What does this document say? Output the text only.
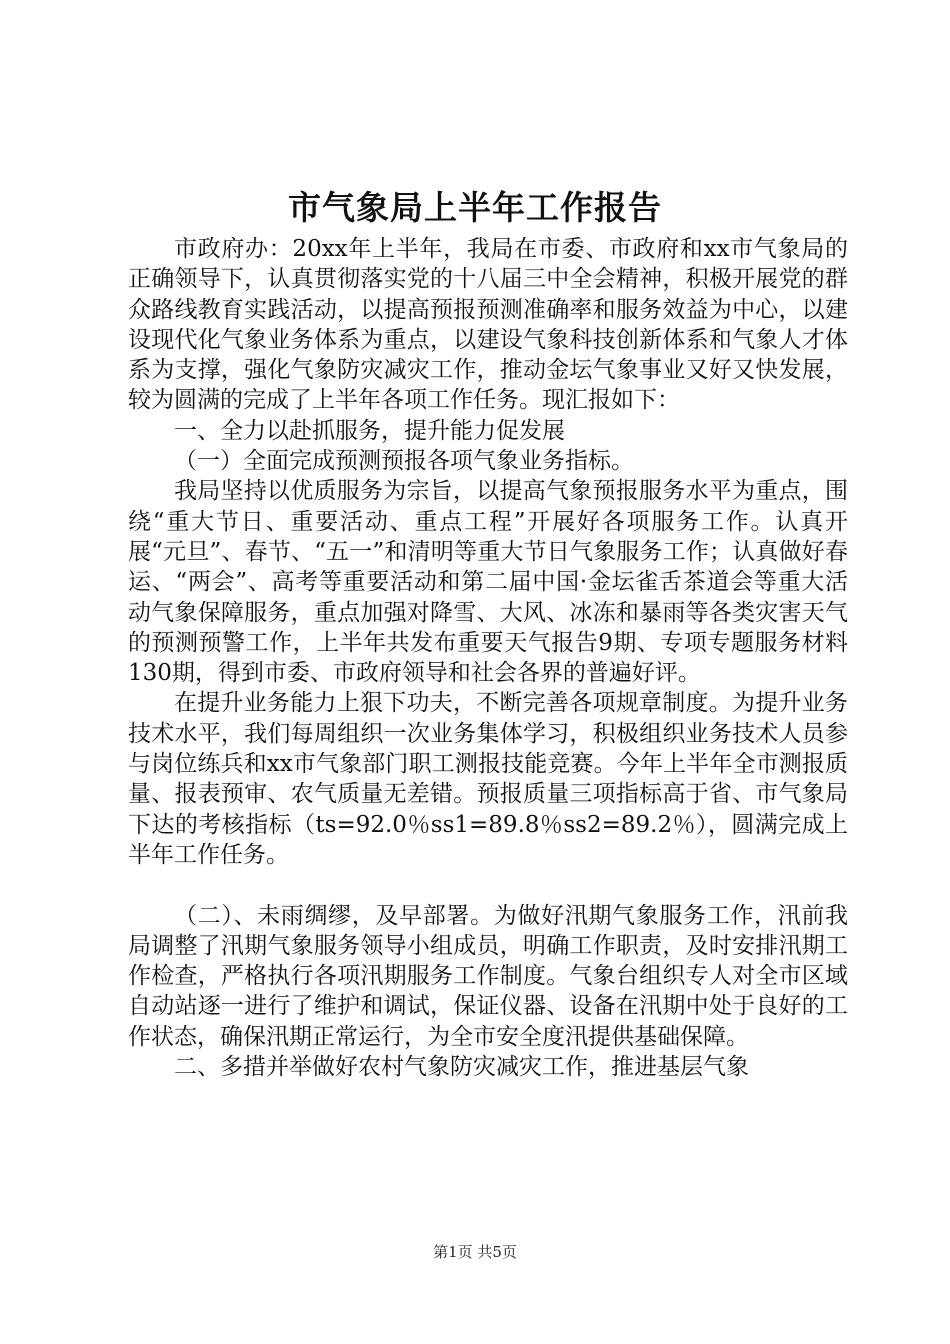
市气象局上半年工作报告

市政府办：20xx年上半年，我局在市委、市政府和xx市气象局的正确领导下，认真贯彻落实党的十八届三中全会精神，积极开展党的群众路线教育实践活动，以提高预报预测准确率和服务效益为中心，以建设现代化气象业务体系为重点，以建设气象科技创新体系和气象人才体系为支撑，强化气象防灾减灾工作，推动金坛气象事业又好又快发展，较为圆满的完成了上半年各项工作任务。现汇报如下：

一、全力以赴抓服务，提升能力促发展

（一）全面完成预测预报各项气象业务指标。

我局坚持以优质服务为宗旨，以提高气象预报服务水平为重点，围绕“重大节日、重要活动、重点工程”开展好各项服务工作。认真开展“元旦”、春节、“五一”和清明等重大节日气象服务工作；认真做好春运、“两会”、高考等重要活动和第二届中国·金坛雀舌茶道会等重大活动气象保障服务，重点加强对降雪、大风、冰冻和暴雨等各类灾害天气的预测预警工作，上半年共发布重要天气报告9期、专项专题服务材料130期，得到市委、市政府领导和社会各界的普遍好评。

在提升业务能力上狠下功夫，不断完善各项规章制度。为提升业务技术水平，我们每周组织一次业务集体学习，积极组织业务技术人员参与岗位练兵和xx市气象部门职工测报技能竞赛。今年上半年全市测报质量、报表预审、农气质量无差错。预报质量三项指标高于省、市气象局下达的考核指标（ts=92.0％ss1=89.8％ss2=89.2％），圆满完成上半年工作任务。

（二）、未雨绸缪，及早部署。为做好汛期气象服务工作，汛前我局调整了汛期气象服务领导小组成员，明确工作职责，及时安排汛期工作检查，严格执行各项汛期服务工作制度。气象台组织专人对全市区域自动站逐一进行了维护和调试，保证仪器、设备在汛期中处于良好的工作状态，确保汛期正常运行，为全市安全度汛提供基础保障。

二、多措并举做好农村气象防灾减灾工作，推进基层气象

第1页 共5页
